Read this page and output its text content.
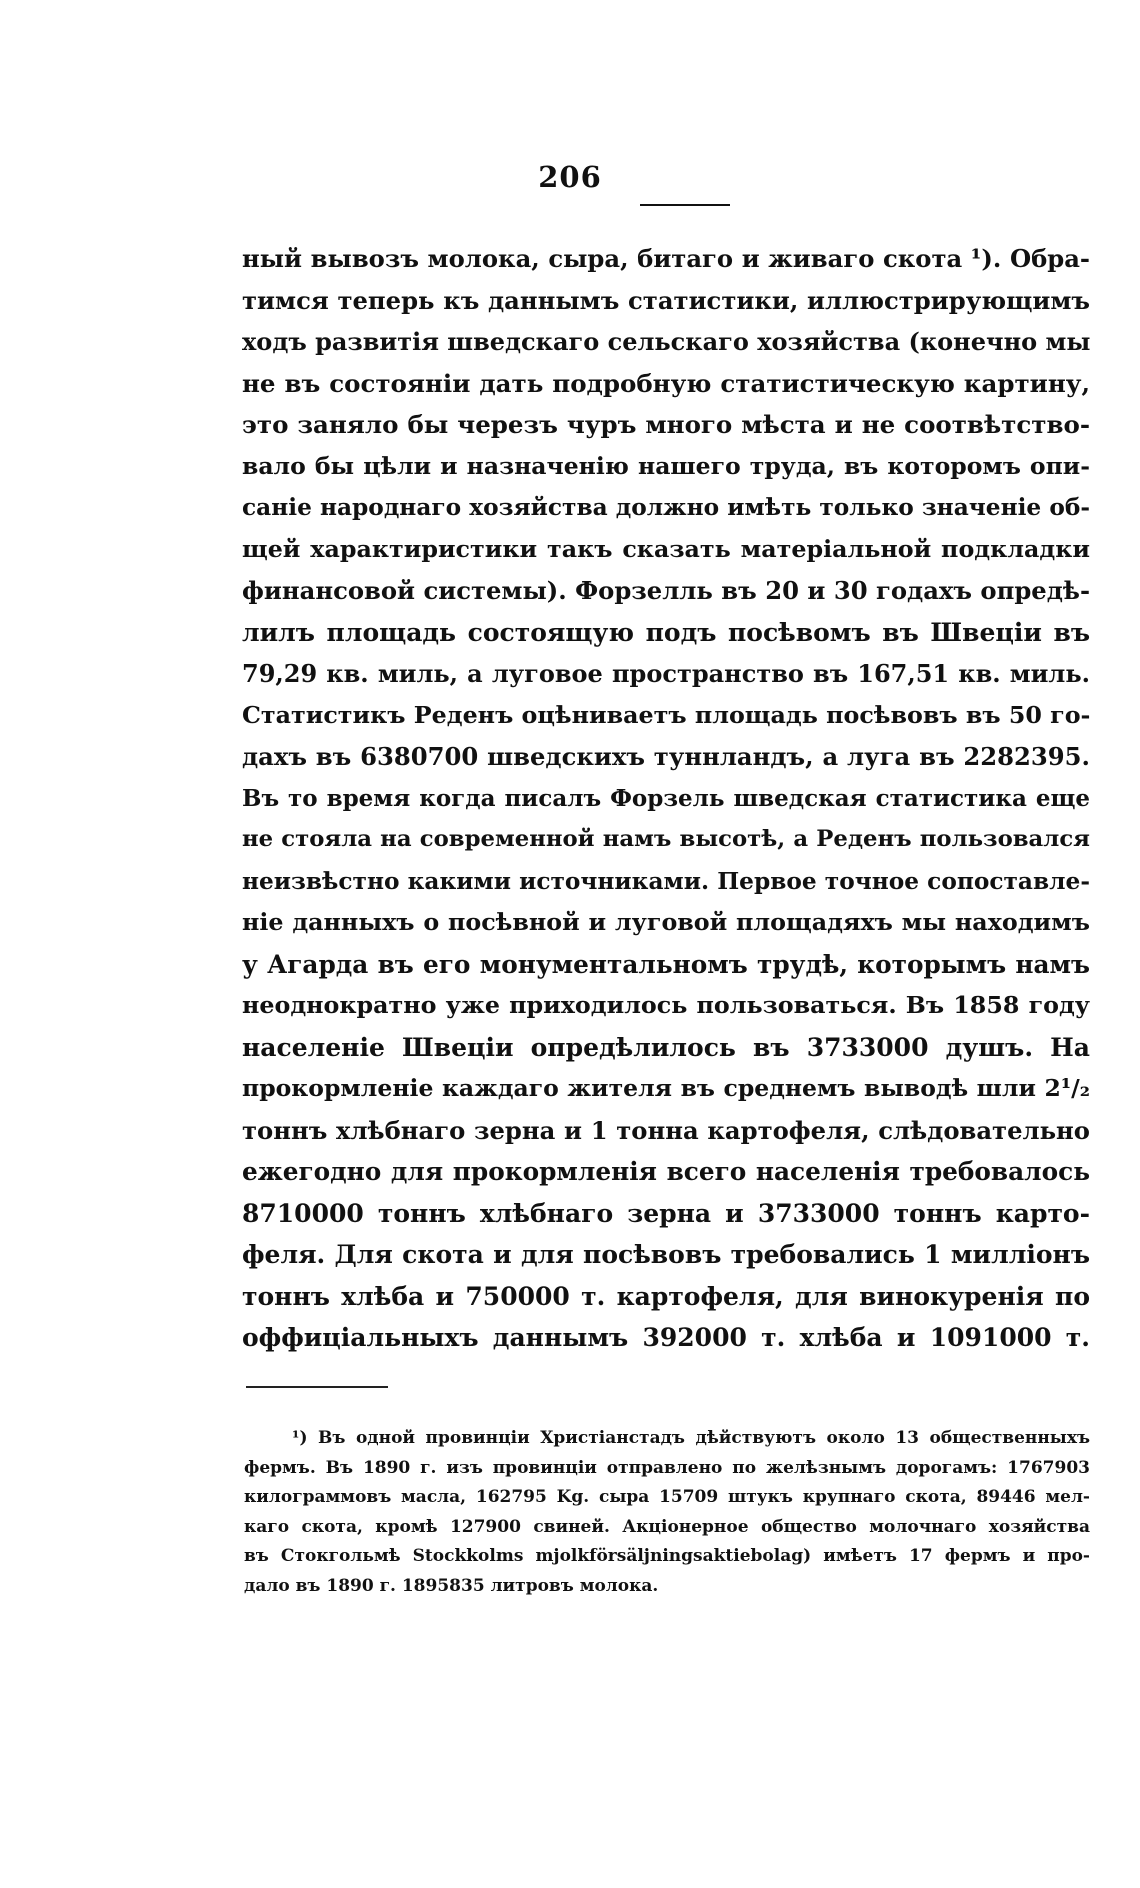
206
ный вывозъ молока, сыра, битаго и живаго скота ¹). Обра-
тимся теперь къ даннымъ статистики, иллюстрирующимъ
ходъ развитія шведскаго сельскаго хозяйства (конечно мы
не въ состояніи дать подробную статистическую картину,
это заняло бы черезъ чуръ много мѣста и не соотвѣтство-
вало бы цѣли и назначенію нашего труда, въ которомъ опи-
саніе народнаго хозяйства должно имѣть только значеніе об-
щей характиристики такъ сказать матеріальной подкладки
финансовой системы). Форзелль въ 20 и 30 годахъ опредѣ-
лилъ площадь состоящую подъ посѣвомъ въ Швеціи въ
79,29 кв. миль, а луговое пространство въ 167,51 кв. миль.
Статистикъ Реденъ оцѣниваетъ площадь посѣвовъ въ 50 го-
дахъ въ 6380700 шведскихъ туннландъ, а луга въ 2282395.
Въ то время когда писалъ Форзель шведская статистика еще
не стояла на современной намъ высотѣ, а Реденъ пользовался
неизвѣстно какими источниками. Первое точное сопоставле-
ніе данныхъ о посѣвной и луговой площадяхъ мы находимъ
у Агарда въ его монументальномъ трудѣ, которымъ намъ
неоднократно уже приходилось пользоваться. Въ 1858 году
населеніе Швеціи опредѣлилось въ 3733000 душъ. На
прокормленіе каждаго жителя въ среднемъ выводѣ шли 2¹/₂
тоннъ хлѣбнаго зерна и 1 тонна картофеля, слѣдовательно
ежегодно для прокормленія всего населенія требовалось
8710000 тоннъ хлѣбнаго зерна и 3733000 тоннъ карто-
феля. Для скота и для посѣвовъ требовались 1 милліонъ
тоннъ хлѣба и 750000 т. картофеля, для винокуренія по
оффиціальныхъ даннымъ 392000 т. хлѣба и 1091000 т.
¹) Въ одной провинціи Христіанстадъ дѣйствуютъ около 13 общественныхъ
фермъ. Въ 1890 г. изъ провинціи отправлено по желѣзнымъ дорогамъ: 1767903
килограммовъ масла, 162795 Kg. сыра 15709 штукъ крупнаго скота, 89446 мел-
каго скота, кромѣ 127900 свиней. Акціонерное общество молочнаго хозяйства
въ Стокгольмѣ Stockkolms mjolkförsäljningsaktiebolag) имѣетъ 17 фермъ и про-
дало въ 1890 г. 1895835 литровъ молока.
